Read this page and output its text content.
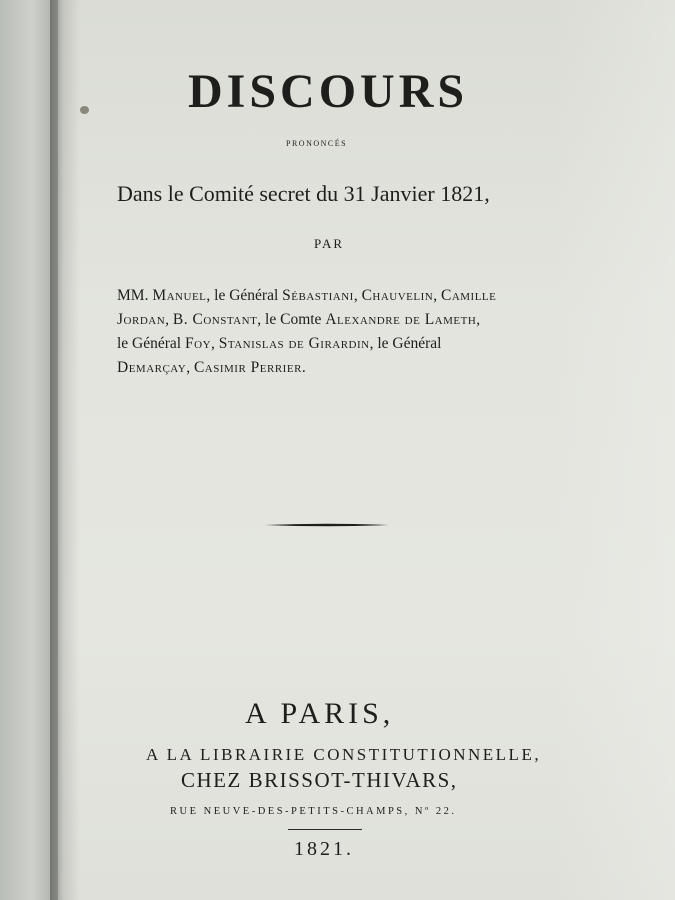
DISCOURS
prononcés
Dans le Comité secret du 31 Janvier 1821,
PAR

MM. Manuel, le Général Sébastiani, Chauvelin, Camille

Jordan, B. Constant, le Comte Alexandre de Lameth,

le Général Foy, Stanislas de Girardin, le Général

Demarçay, Casimir Perrier.

A PARIS,
A LA LIBRAIRIE CONSTITUTIONNELLE,
CHEZ BRISSOT-THIVARS,
RUE NEUVE-DES-PETITS-CHAMPS, Nº 22.
1821.
